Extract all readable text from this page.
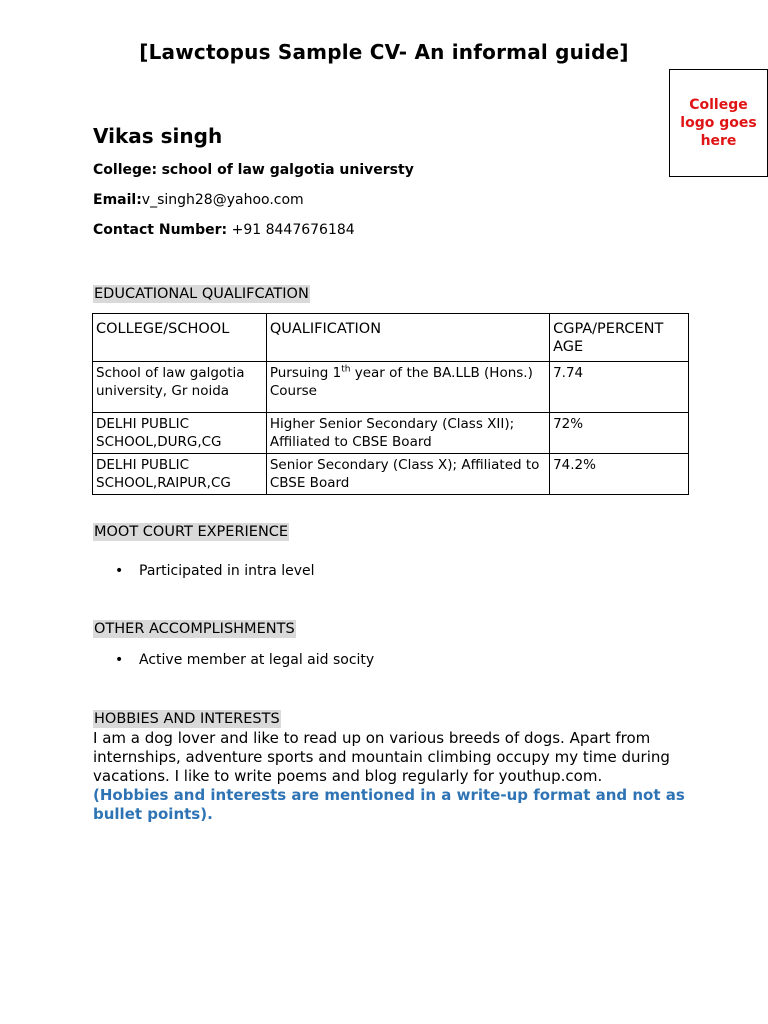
[Lawctopus Sample CV- An informal guide]
College logo goes here
Vikas singh
College: school of law galgotia universty
Email:v_singh28@yahoo.com
Contact Number: +91 8447676184
EDUCATIONAL QUALIFCATION
COLLEGE/SCHOOL	QUALIFICATION	CGPA/PERCENT AGE
School of law galgotia university, Gr noida	Pursuing 1th year of the BA.LLB (Hons.) Course	7.74
DELHI PUBLIC SCHOOL,DURG,CG	Higher Senior Secondary (Class XII); Affiliated to CBSE Board	72%
DELHI PUBLIC SCHOOL,RAIPUR,CG	Senior Secondary (Class X); Affiliated to CBSE Board	74.2%
MOOT COURT EXPERIENCE
• Participated in intra level
OTHER ACCOMPLISHMENTS
• Active member at legal aid socity
HOBBIES AND INTERESTS
I am a dog lover and like to read up on various breeds of dogs. Apart from internships, adventure sports and mountain climbing occupy my time during vacations. I like to write poems and blog regularly for youthup.com.
(Hobbies and interests are mentioned in a write-up format and not as bullet points).
